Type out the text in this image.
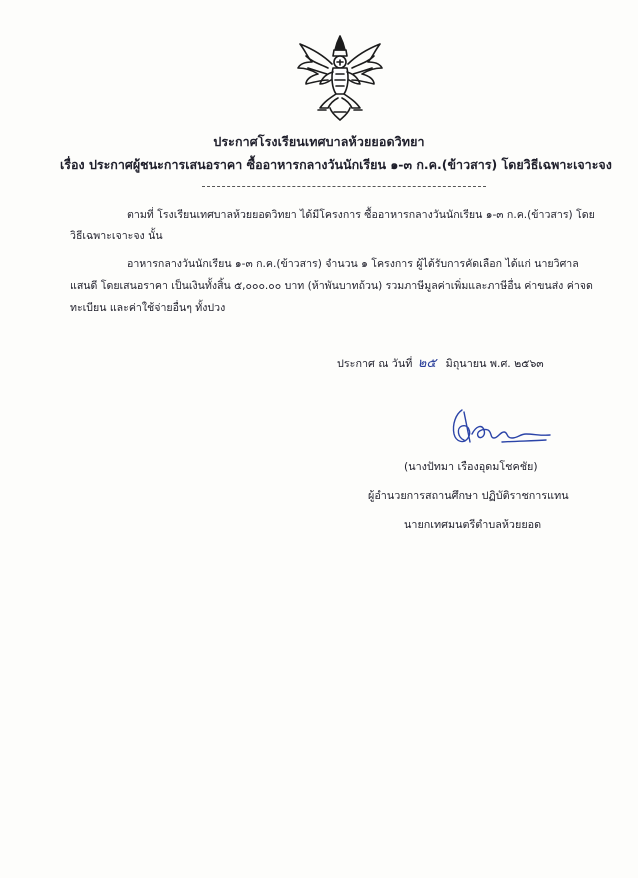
ประกาศโรงเรียนเทศบาลห้วยยอดวิทยา
เรื่อง ประกาศผู้ชนะการเสนอราคา ซื้ออาหารกลางวันนักเรียน ๑-๓ ก.ค.(ข้าวสาร) โดยวิธีเฉพาะเจาะจง
ตามที่ โรงเรียนเทศบาลห้วยยอดวิทยา ได้มีโครงการ ซื้ออาหารกลางวันนักเรียน ๑-๓ ก.ค.(ข้าวสาร) โดย
วิธีเฉพาะเจาะจง นั้น
อาหารกลางวันนักเรียน ๑-๓ ก.ค.(ข้าวสาร) จำนวน ๑ โครงการ ผู้ได้รับการคัดเลือก ได้แก่ นายวิศาล
แสนดี โดยเสนอราคา เป็นเงินทั้งสิ้น ๕,๐๐๐.๐๐ บาท (ห้าพันบาทถ้วน) รวมภาษีมูลค่าเพิ่มและภาษีอื่น ค่าขนส่ง ค่าจด
ทะเบียน และค่าใช้จ่ายอื่นๆ ทั้งปวง
ประกาศ ณ วันที่ ๒๕ มิถุนายน พ.ศ. ๒๕๖๓
(นางปัทมา เรืองอุดมโชคชัย)
ผู้อำนวยการสถานศึกษา ปฏิบัติราชการแทน
นายกเทศมนตรีตำบลห้วยยอด
